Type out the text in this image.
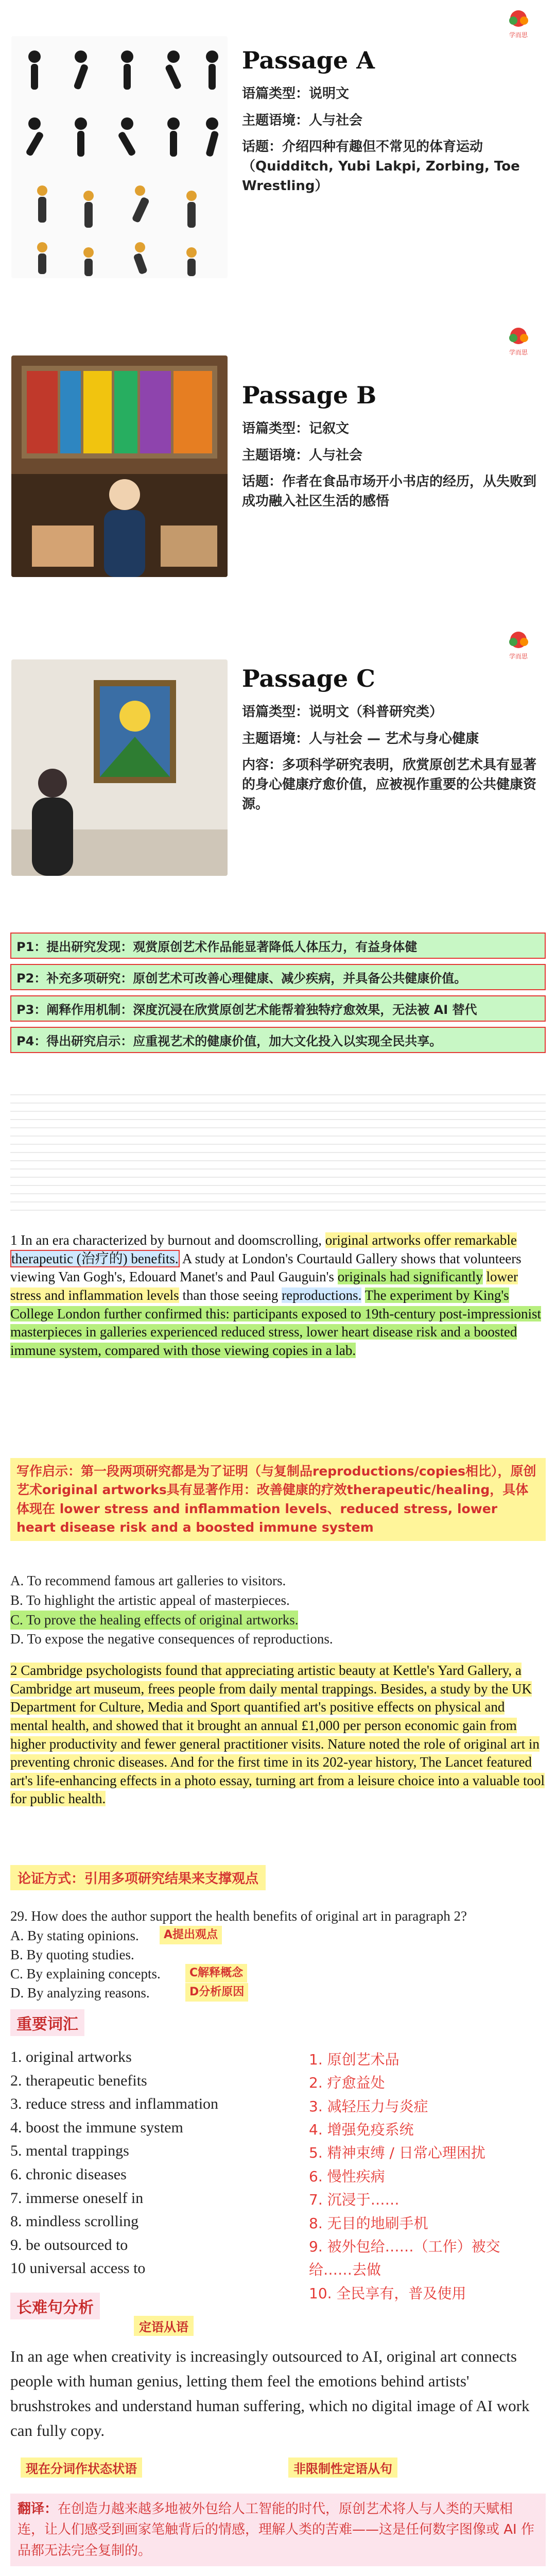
学而思
Passage A

语篇类型：说明文

主题语境：人与社会

话题：介绍四种有趣但不常见的体育运动（Quidditch, Yubi Lakpi, Zorbing, Toe Wrestling）

学而思
Passage B

语篇类型：记叙文

主题语境：人与社会

话题：作者在食品市场开小书店的经历，从失败到成功融入社区生活的感悟

学而思
Passage C

语篇类型：说明文（科普研究类）

主题语境：人与社会 — 艺术与身心健康

内容：多项科学研究表明，欣赏原创艺术具有显著的身心健康疗愈价值，应被视作重要的公共健康资源。

P1：提出研究发现：观赏原创艺术作品能显著降低人体压力，有益身体健
P2：补充多项研究：原创艺术可改善心理健康、减少疾病，并具备公共健康价值。
P3：阐释作用机制：深度沉浸在欣赏原创艺术能帮着独特疗愈效果，无法被 AI 替代
P4：得出研究启示：应重视艺术的健康价值，加大文化投入以实现全民共享。
1 In an era characterized by burnout and doomscrolling, original artworks offer remarkable therapeutic (治疗的) benefits. A study at London's Courtauld Gallery shows that volunteers viewing Van Gogh's, Edouard Manet's and Paul Gauguin's originals had significantly lower stress and inflammation levels than those seeing reproductions. The experiment by King's College London further confirmed this: participants exposed to 19th-century post-impressionist masterpieces in galleries experienced reduced stress, lower heart disease risk and a boosted immune system, compared with those viewing copies in a lab.
写作启示：第一段两项研究都是为了证明（与复制品reproductions/copies相比），原创艺术original artworks具有显著作用：改善健康的疗效therapeutic/healing，具体体现在 lower stress and inflammation levels、reduced stress, lower heart disease risk and a boosted immune system
A. To recommend famous art galleries to visitors.
B. To highlight the artistic appeal of masterpieces.
C. To prove the healing effects of original artworks.
D. To expose the negative consequences of reproductions.
2 Cambridge psychologists found that appreciating artistic beauty at Kettle's Yard Gallery, a Cambridge art museum, frees people from daily mental trappings. Besides, a study by the UK Department for Culture, Media and Sport quantified art's positive effects on physical and mental health, and showed that it brought an annual £1,000 per person economic gain from higher productivity and fewer general practitioner visits. Nature noted the role of original art in preventing chronic diseases. And for the first time in its 202-year history, The Lancet featured art's life-enhancing effects in a photo essay, turning art from a leisure choice into a valuable tool for public health.
论证方式：引用多项研究结果来支撑观点
29. How does the author support the health benefits of original art in paragraph 2?
A. By stating opinions.
B. By quoting studies.
C. By explaining concepts.
D. By analyzing reasons.
A提出观点
C解释概念
D分析原因
重要词汇
1. original artworks
2. therapeutic benefits
3. reduce stress and inflammation
4. boost the immune system
5. mental trappings
6. chronic diseases
7. immerse oneself in
8. mindless scrolling
9. be outsourced to
10 universal access to
1. 原创艺术品
2. 疗愈益处
3. 减轻压力与炎症
4. 增强免疫系统
5. 精神束缚 / 日常心理困扰
6. 慢性疾病
7. 沉浸于……
8. 无目的地刷手机
9. 被外包给……（工作）被交给……去做
10. 全民享有，普及使用
长难句分析
定语从语
In an age when creativity is increasingly outsourced to AI, original art connects people with human genius, letting them feel the emotions behind artists' brushstrokes and understand human suffering, which no digital image of AI work can fully copy.
现在分词作状态状语	非限制性定语从句
翻译：在创造力越来越多地被外包给人工智能的时代，原创艺术将人与人类的天赋相连，让人们感受到画家笔触背后的情感，理解人类的苦难——这是任何数字图像或 AI 作品都无法完全复制的。
